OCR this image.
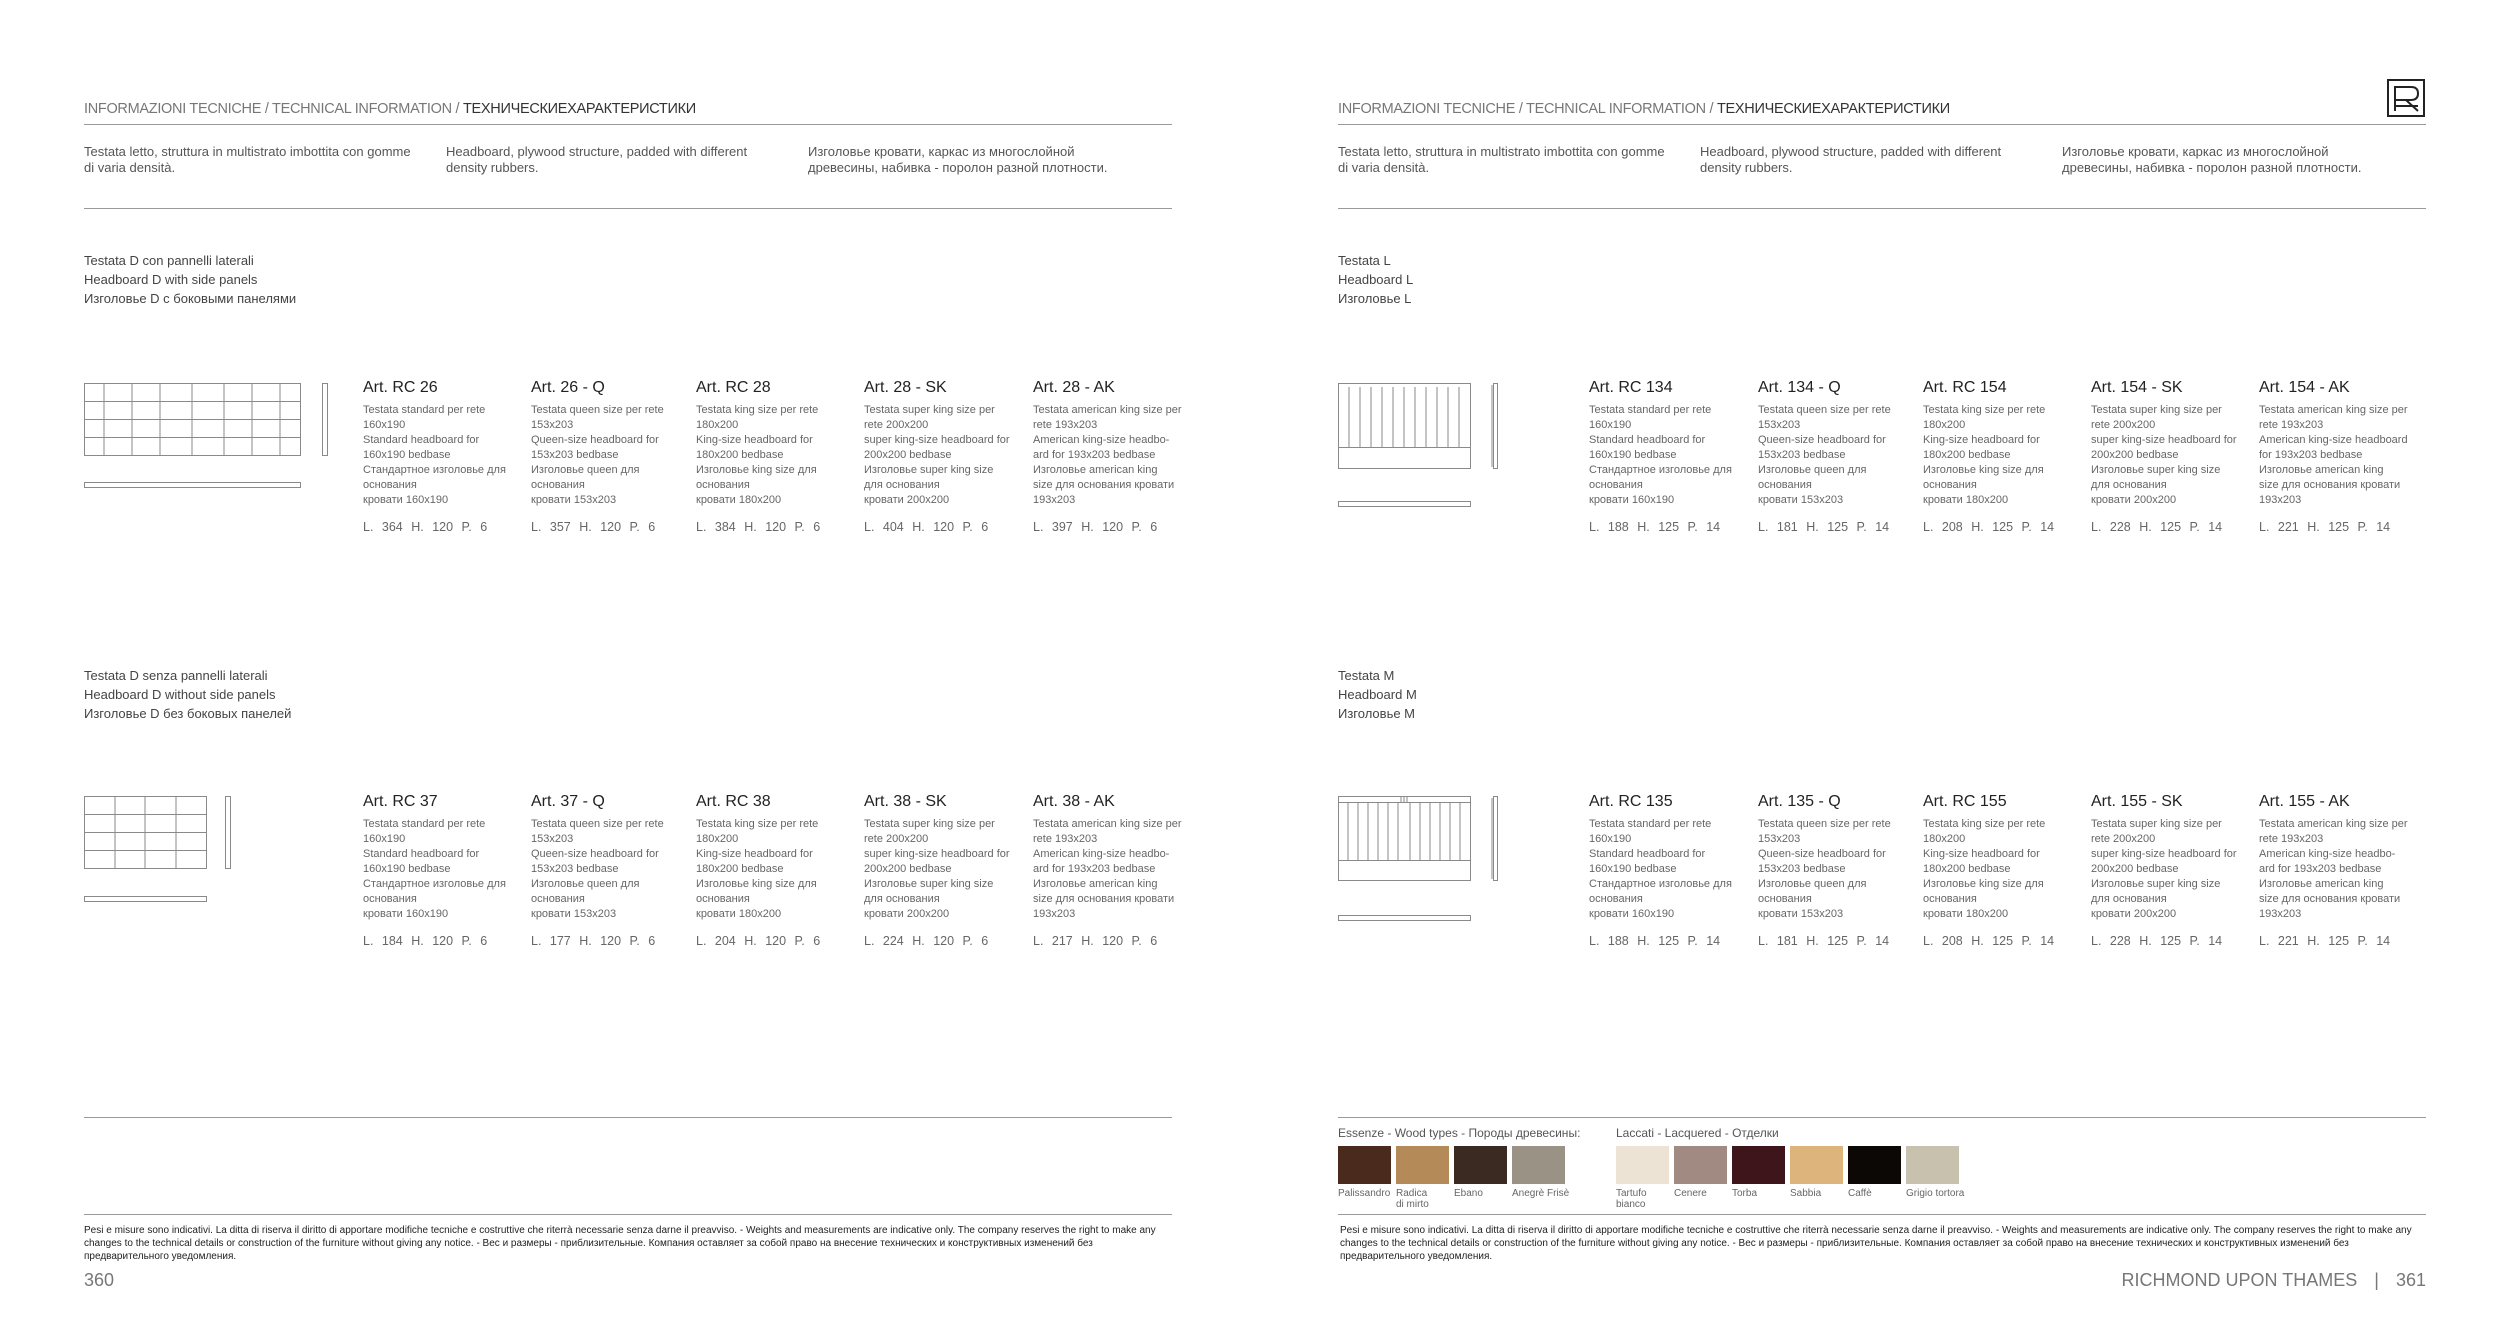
INFORMAZIONI TECNICHE / TECHNICAL INFORMATION / ТЕХНИЧЕСКИЕХАРАКТЕРИСТИКИ
Testata letto, struttura in multistrato imbottita con gomme di varia densità.
Headboard, plywood structure, padded with different density rubbers.
Изголовье кровати, каркас из многослойной древесины, набивка - поролон разной плотности.
Testata D con pannelli laterali
Headboard D with side panels
Изголовье D с боковыми панелями
Art. RC 26
Testata standard per rete
160x190
Standard headboard for
160x190 bedbase
Стандартное изголовье для
основания
кровати 160x190
L. 364 H. 120 P. 6
Art. 26 - Q
Testata queen size per rete
153x203
Queen-size headboard for
153x203 bedbase
Изголовье queen для
основания
кровати 153x203
L. 357 H. 120 P. 6
Art. RC 28
Testata king size per rete
180x200
King-size headboard for
180x200 bedbase
Изголовье king size для
основания
кровати 180x200
L. 384 H. 120 P. 6
Art. 28 - SK
Testata super king size per
rete 200x200
super king-size headboard for
200x200 bedbase
Изголовье super king size
для основания
кровати 200x200
L. 404 H. 120 P. 6
Art. 28 - AK
Testata american king size per
rete 193x203
American king-size headbo-
ard for 193x203 bedbase
Изголовье american king
size для основания кровати
193x203
L. 397 H. 120 P. 6
Testata D senza pannelli laterali
Headboard D without side panels
Изголовье D без боковых панелей
Art. RC 37
Testata standard per rete
160x190
Standard headboard for
160x190 bedbase
Стандартное изголовье для
основания
кровати 160x190
L. 184 H. 120 P. 6
Art. 37 - Q
Testata queen size per rete
153x203
Queen-size headboard for
153x203 bedbase
Изголовье queen для
основания
кровати 153x203
L. 177 H. 120 P. 6
Art. RC 38
Testata king size per rete
180x200
King-size headboard for
180x200 bedbase
Изголовье king size для
основания
кровати 180x200
L. 204 H. 120 P. 6
Art. 38 - SK
Testata super king size per
rete 200x200
super king-size headboard for
200x200 bedbase
Изголовье super king size
для основания
кровати 200x200
L. 224 H. 120 P. 6
Art. 38 - AK
Testata american king size per
rete 193x203
American king-size headbo-
ard for 193x203 bedbase
Изголовье american king
size для основания кровати
193x203
L. 217 H. 120 P. 6
Pesi e misure sono indicativi. La ditta di riserva il diritto di apportare modifiche tecniche e costruttive che riterrà necessarie senza darne il preavviso. - Weights and measurements are indicative only. The company reserves the right to make any changes to the technical details or construction of the furniture without giving any notice. - Вес и размеры - приблизительные. Компания оставляет за собой право на внесение технических и конструктивных изменений без предварительного уведомления.
360
INFORMAZIONI TECNICHE / TECHNICAL INFORMATION / ТЕХНИЧЕСКИЕХАРАКТЕРИСТИКИ
Testata letto, struttura in multistrato imbottita con gomme di varia densità.
Headboard, plywood structure, padded with different density rubbers.
Изголовье кровати, каркас из многослойной древесины, набивка - поролон разной плотности.
Testata L
Headboard L
Изголовье L
Art. RC 134
Testata standard per rete
160x190
Standard headboard for
160x190 bedbase
Стандартное изголовье для
основания
кровати 160x190
L. 188 H. 125 P. 14
Art. 134 - Q
Testata queen size per rete
153x203
Queen-size headboard for
153x203 bedbase
Изголовье queen для
основания
кровати 153x203
L. 181 H. 125 P. 14
Art. RC 154
Testata king size per rete
180x200
King-size headboard for
180x200 bedbase
Изголовье king size для
основания
кровати 180x200
L. 208 H. 125 P. 14
Art. 154 - SK
Testata super king size per
rete 200x200
super king-size headboard for
200x200 bedbase
Изголовье super king size
для основания
кровати 200x200
L. 228 H. 125 P. 14
Art. 154 - AK
Testata american king size per
rete 193x203
American king-size headboard
for 193x203 bedbase
Изголовье american king
size для основания кровати
193x203
L. 221 H. 125 P. 14
Testata M
Headboard M
Изголовье M
Art. RC 135
Testata standard per rete
160x190
Standard headboard for
160x190 bedbase
Стандартное изголовье для
основания
кровати 160x190
L. 188 H. 125 P. 14
Art. 135 - Q
Testata queen size per rete
153x203
Queen-size headboard for
153x203 bedbase
Изголовье queen для
основания
кровати 153x203
L. 181 H. 125 P. 14
Art. RC 155
Testata king size per rete
180x200
King-size headboard for
180x200 bedbase
Изголовье king size для
основания
кровати 180x200
L. 208 H. 125 P. 14
Art. 155 - SK
Testata super king size per
rete 200x200
super king-size headboard for
200x200 bedbase
Изголовье super king size
для основания
кровати 200x200
L. 228 H. 125 P. 14
Art. 155 - AK
Testata american king size per
rete 193x203
American king-size headbo-
ard for 193x203 bedbase
Изголовье american king
size для основания кровати
193x203
L. 221 H. 125 P. 14
Essenze - Wood types - Породы древесины:	Laccati - Lacquered - Отделки
Palissandro Radica di mirto
Ebano	Anegrè Frisè	Tartufo bianco
Cenere	Torba	Sabbia	Caffè	Grigio tortora
Pesi e misure sono indicativi. La ditta di riserva il diritto di apportare modifiche tecniche e costruttive che riterrà necessarie senza darne il preavviso. - Weights and measurements are indicative only. The company reserves the right to make any changes to the technical details or construction of the furniture without giving any notice. - Вес и размеры - приблизительные. Компания оставляет за собой право на внесение технических и конструктивных изменений без предварительного уведомления.
RICHMOND UPON THAMES | 361
